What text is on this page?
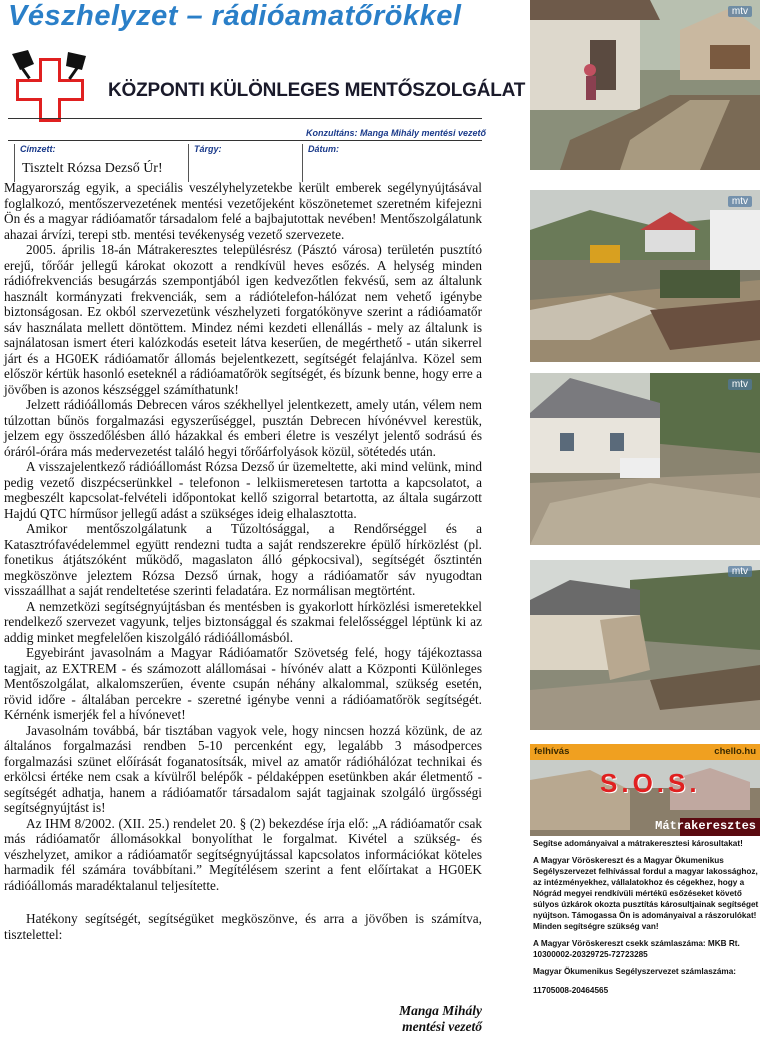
Vészhelyzet – rádióamatőrökkel
KÖZPONTI KÜLÖNLEGES MENTŐSZOLGÁLAT
Konzultáns: Manga Mihály mentési vezető
Címzett:	Tárgy:	Dátum:
Tisztelt Rózsa Dezső Úr!

Magyarország egyik, a speciális veszélyhelyzetekbe került emberek segélynyújtásával foglalkozó, mentőszervezetének mentési vezetőjeként köszönetemet szeretném kifejezni Ön és a magyar rádióamatőr társadalom felé a bajbajutottak nevében! Mentőszolgálatunk ahazai árvízi, terepi stb. mentési tevékenység vezető szervezete.

2005. április 18-án Mátrakeresztes településrész (Pásztó városa) területén pusztító erejű, tőrőár jellegű károkat okozott a rendkívül heves esőzés. A helység minden rádiófrekvenciás besugárzás szempontjából igen kedvezőtlen fekvésű, sem az általunk használt kormányzati frekvenciák, sem a rádiótelefon-hálózat nem vehető igénybe biztonságosan. Ez okból szervezetünk vészhelyzeti forgatókönyve szerint a rádióamatőr sáv használata mellett döntöttem. Mindez némi kezdeti ellenállás - mely az általunk is sajnálatosan ismert éteri kalózkodás eseteit látva keserűen, de megérthető - után sikerrel járt és a HG0EK rádióamatőr állomás bejelentkezett, segítségét felajánlva. Közel sem először kértük hasonló eseteknél a rádióamatőrök segítségét, és bízunk benne, hogy erre a jövőben is azonos készséggel számíthatunk!

Jelzett rádióállomás Debrecen város székhellyel jelentkezett, amely után, vélem nem túlzottan bűnös forgalmazási egyszerűséggel, pusztán Debrecen hívónévvel kerestük, jelzem egy összedőlésben álló házakkal és emberi életre is veszélyt jelentő sodrású és óráról-órára más medervezetést találó hegyi tőrőárfolyások közül, sötétedés után.

A visszajelentkező rádióállomást Rózsa Dezső úr üzemeltette, aki mind velünk, mind pedig vezető diszpécserünkkel - telefonon - lelkiismeretesen tartotta a kapcsolatot, a megbeszélt kapcsolat-felvételi időpontokat kellő szigorral betartotta, az általa sugárzott Hajdú QTC hírműsor jellegű adást a szükséges ideig elhalasztotta.

Amikor mentőszolgálatunk a Tűzoltósággal, a Rendőrséggel és a Katasztrófavédelemmel együtt rendezni tudta a saját rendszerekre épülő hírközlést (pl. fonetikus átjátszóként működő, magaslaton álló gépkocsival), segítségét ősztintén megköszönve jeleztem Rózsa Dezső úrnak, hogy a rádióamatőr sáv nyugodtan visszaállhat a saját rendeltetése szerinti feladatára. Ez normálisan megtörtént.

A nemzetközi segítségnyújtásban és mentésben is gyakorlott hírközlési ismeretekkel rendelkező szervezet vagyunk, teljes biztonsággal és szakmai felelősséggel léptünk ki az addig minket megfelelően kiszolgáló rádióállomásból.

Egyebiránt javasolnám a Magyar Rádióamatőr Szövetség felé, hogy tájékoztassa tagjait, az EXTREM - és számozott alállomásai - hívónév alatt a Központi Különleges Mentőszolgálat, alkalomszerűen, évente csupán néhány alkalommal, szükség esetén, rövid időre - általában percekre - szeretné igénybe venni a rádióamatőrök segítségét. Kérnénk ismerjék fel a hívónevet!

Javasolnám továbbá, bár tisztában vagyok vele, hogy nincsen hozzá közünk, de az általános forgalmazási rendben 5-10 percenként egy, legalább 3 másodperces forgalmazási szünet előírását foganatosítsák, mivel az amatőr rádióhálózat technikai és erkölcsi értéke nem csak a kívülről belépők - példaképpen esetünkben akár életmentő - segítségét adhatja, hanem a rádióamatőr társadalom saját tagjainak szolgáló ürgősségi segítségnyújtást is!

Az IHM 8/2002. (XII. 25.) rendelet 20. § (2) bekezdése írja elő: „A rádióamatőr csak más rádióamatőr állomásokkal bonyolíthat le forgalmat. Kivétel a szükség- és vészhelyzet, amikor a rádióamatőr segítségnyújtással kapcsolatos információkat köteles harmadik fél számára továbbítani.” Megítélésem szerint a fent előírtakat a HG0EK rádióállomás maradéktalanul teljesítette.

Hatékony segítségét, segítségüket megköszönve, és arra a jövőben is számítva, tisztelettel:

Manga Mihály
mentési vezető
mtv
mtv
mtv
mtv
felhívás	chello.hu
S.O.S.
Mátrakeresztes

Segítse adományaival a mátrakeresztesi károsultakat!

A Magyar Vöröskereszt és a Magyar Ökumenikus Segélyszervezet felhívással fordul a magyar lakossághoz, az intézményekhez, vállalatokhoz és cégekhez, hogy a Nógrád megyei rendkívüli mértékű esőzéseket követő súlyos úzkárok okozta pusztítás károsultjainak segítséget nyújtson. Támogassa Ön is adományaival a rászorulókat! Minden segítségre szükség van!

A Magyar Vöröskereszt csekk számlaszáma: MKB Rt. 10300002-20329725-72723285

Magyar Ökumenikus Segélyszervezet számlaszáma:

11705008-20464565
